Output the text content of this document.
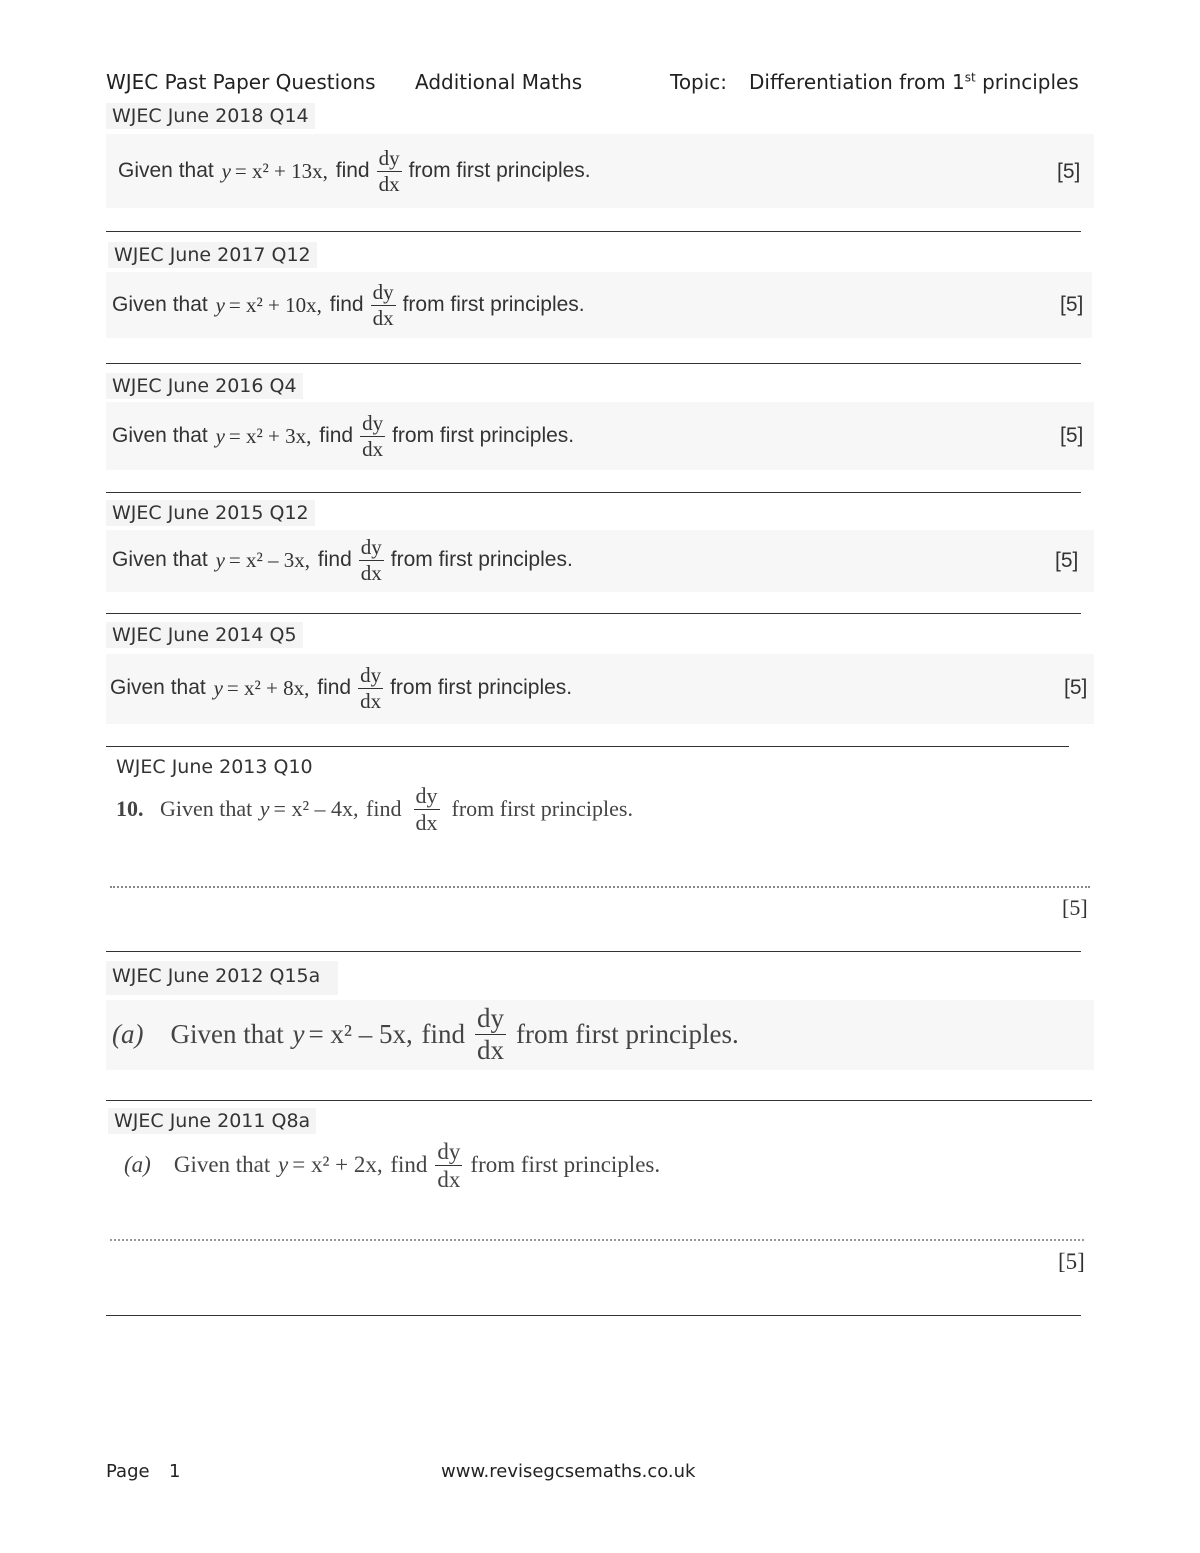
WJEC Past Paper Questions Additional Maths	Topic: Differentiation from 1st principles
WJEC June 2018 Q14
Given that
y = x² + 13x,
find $\frac{dy}{dx}$ from first principles.	[5]
WJEC June 2017 Q12
Given that
y = x² + 10x,
find $\frac{dy}{dx}$ from first principles.	[5]
WJEC June 2016 Q4
Given that
y = x² + 3x,
find $\frac{dy}{dx}$ from first principles.	[5]
WJEC June 2015 Q12
Given that
y = x² – 3x,
find $\frac{dy}{dx}$ from first principles.	[5]
WJEC June 2014 Q5
Given that
y = x² + 8x,
find $\frac{dy}{dx}$ from first principles.	[5]
WJEC June 2013 Q10
10.
Given that
y = x² – 4x,
find $\frac{dy}{dx}$ from first principles.
[5]
WJEC June 2012 Q15a
(a)
Given that
y = x² – 5x,
find $\frac{dy}{dx}$ from first principles.
WJEC June 2011 Q8a
(a)
Given that
y = x² + 2x,
find $\frac{dy}{dx}$ from first principles.
[5]
Page 1	www.revisegcsemaths.co.uk
